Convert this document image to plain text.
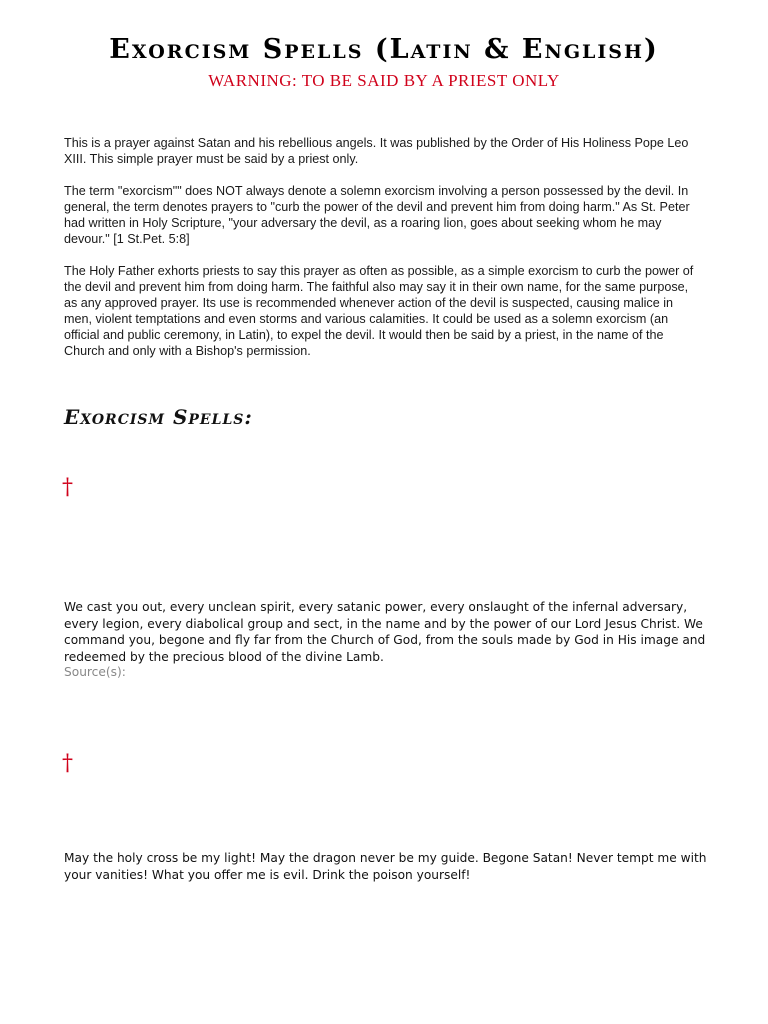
Exorcism Spells (Latin & English)
WARNING: TO BE SAID BY A PRIEST ONLY

This is a prayer against Satan and his rebellious angels. It was published by the Order of His Holiness Pope Leo XIII. This simple prayer must be said by a priest only.

The term "exorcism"" does NOT always denote a solemn exorcism involving a person possessed by the devil. In general, the term denotes prayers to "curb the power of the devil and prevent him from doing harm." As St. Peter had written in Holy Scripture, "your adversary the devil, as a roaring lion, goes about seeking whom he may devour." [1 St.Pet. 5:8]

The Holy Father exhorts priests to say this prayer as often as possible, as a simple exorcism to curb the power of the devil and prevent him from doing harm. The faithful also may say it in their own name, for the same purpose, as any approved prayer. Its use is recommended whenever action of the devil is suspected, causing malice in men, violent temptations and even storms and various calamities. It could be used as a solemn exorcism (an official and public ceremony, in Latin), to expel the devil. It would then be said by a priest, in the name of the Church and only with a Bishop's permission.

Exorcism Spells:
†

We cast you out, every unclean spirit, every satanic power, every onslaught of the infernal adversary, every legion, every diabolical group and sect, in the name and by the power of our Lord Jesus Christ. We command you, begone and fly far from the Church of God, from the souls made by God in His image and redeemed by the precious blood of the divine Lamb.

Source(s):
†

May the holy cross be my light! May the dragon never be my guide. Begone Satan! Never tempt me with your vanities! What you offer me is evil. Drink the poison yourself!
